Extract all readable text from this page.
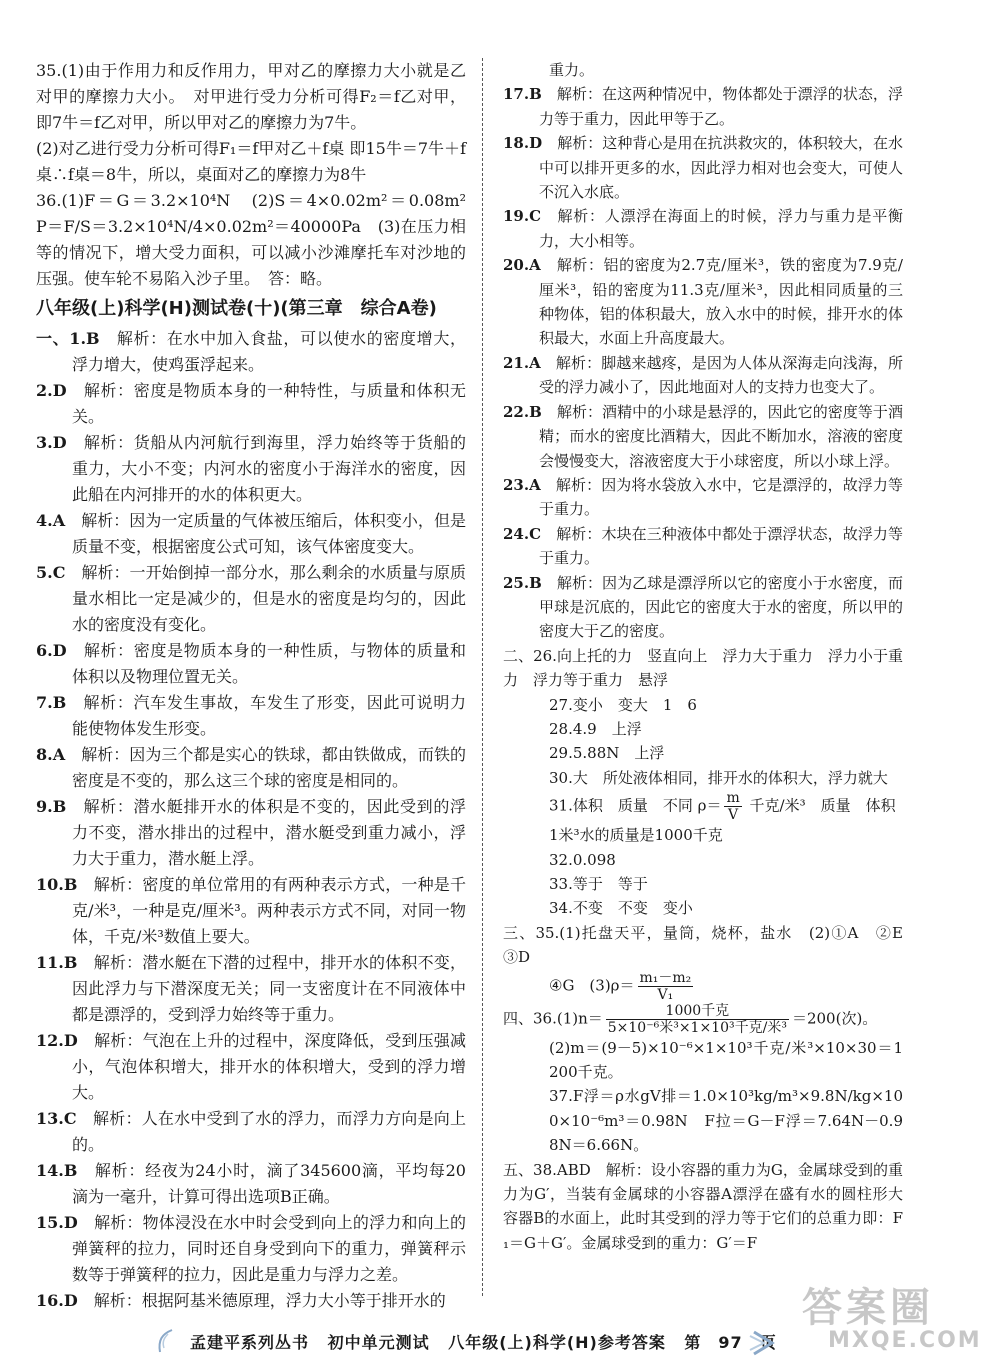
35.(1)由于作用力和反作用力，甲对乙的摩擦力大小就是乙对甲的摩擦力大小。　对甲进行受力分析可得F₂＝f乙对甲，即7牛＝f乙对甲，所以甲对乙的摩擦力为7牛。

(2)对乙进行受力分析可得F₁＝f甲对乙＋f桌 即15牛＝7牛＋f桌∴f桌＝8牛，所以，桌面对乙的摩擦力为8牛

36.(1)F＝G＝3.2×10⁴N　(2)S＝4×0.02m²＝0.08m²　P＝F/S＝3.2×10⁴N/4×0.02m²＝40000Pa　(3)在压力相等的情况下，增大受力面积，可以减小沙滩摩托车对沙地的压强。使车轮不易陷入沙子里。　答：略。

八年级(上)科学(H)测试卷(十)(第三章　综合A卷)

一、1.B　 解析：在水中加入食盐，可以使水的密度增大，浮力增大，使鸡蛋浮起来。

2.D　 解析：密度是物质本身的一种特性，与质量和体积无关。

3.D　 解析：货船从内河航行到海里，浮力始终等于货船的重力，大小不变；内河水的密度小于海洋水的密度，因此船在内河排开的水的体积更大。

4.A　 解析：因为一定质量的气体被压缩后，体积变小，但是质量不变，根据密度公式可知，该气体密度变大。

5.C　 解析：一开始倒掉一部分水，那么剩余的水质量与原质量水相比一定是减少的，但是水的密度是均匀的，因此水的密度没有变化。

6.D　 解析：密度是物质本身的一种性质，与物体的质量和体积以及物理位置无关。

7.B　 解析：汽车发生事故，车发生了形变，因此可说明力能使物体发生形变。

8.A　 解析：因为三个都是实心的铁球，都由铁做成，而铁的密度是不变的，那么这三个球的密度是相同的。

9.B　 解析：潜水艇排开水的体积是不变的，因此受到的浮力不变，潜水排出的过程中，潜水艇受到重力减小，浮力大于重力，潜水艇上浮。

10.B　 解析：密度的单位常用的有两种表示方式，一种是千克/米³，一种是克/厘米³。两种表示方式不同，对同一物体，千克/米³数值上要大。

11.B　 解析：潜水艇在下潜的过程中，排开水的体积不变，因此浮力与下潜深度无关；同一支密度计在不同液体中都是漂浮的，受到浮力始终等于重力。

12.D　 解析：气泡在上升的过程中，深度降低，受到压强减小，气泡体积增大，排开水的体积增大，受到的浮力增大。

13.C　 解析：人在水中受到了水的浮力，而浮力方向是向上的。

14.B　 解析：经夜为24小时，滴了345600滴，平均每20滴为一毫升，计算可得出选项B正确。

15.D　 解析：物体浸没在水中时会受到向上的浮力和向上的弹簧秤的拉力，同时还自身受到向下的重力，弹簧秤示数等于弹簧秤的拉力，因此是重力与浮力之差。

16.D　 解析：根据阿基米德原理，浮力大小等于排开水的

重力。

17.B　 解析：在这两种情况中，物体都处于漂浮的状态，浮力等于重力，因此甲等于乙。

18.D　 解析：这种背心是用在抗洪救灾的，体积较大，在水中可以排开更多的水，因此浮力相对也会变大，可使人不沉入水底。

19.C　 解析：人漂浮在海面上的时候，浮力与重力是平衡力，大小相等。

20.A　 解析：铝的密度为2.7克/厘米³，铁的密度为7.9克/厘米³，铅的密度为11.3克/厘米³，因此相同质量的三种物体，铝的体积最大，放入水中的时候，排开水的体积最大，水面上升高度最大。

21.A　 解析：脚越来越疼，是因为人体从深海走向浅海，所受的浮力减小了，因此地面对人的支持力也变大了。

22.B　 解析：酒精中的小球是悬浮的，因此它的密度等于酒精；而水的密度比酒精大，因此不断加水，溶液的密度会慢慢变大，溶液密度大于小球密度，所以小球上浮。

23.A　 解析：因为将水袋放入水中，它是漂浮的，故浮力等于重力。

24.C　 解析：木块在三种液体中都处于漂浮状态，故浮力等于重力。

25.B　 解析：因为乙球是漂浮所以它的密度小于水密度，而甲球是沉底的，因此它的密度大于水的密度，所以甲的密度大于乙的密度。

二、26.向上托的力　竖直向上　浮力大于重力　浮力小于重力　浮力等于重力　悬浮

27.变小　变大　1　6

28.4.9　上浮

29.5.88N　上浮

30.大　所处液体相同，排开水的体积大，浮力就大

31.体积　质量　不同 $\rho= \frac{m}{V}$ 千克/米³　质量　体积

1米³水的质量是1000千克

32.0.098

33.等于　等于

34.不变　不变　变小

三、35.(1)托盘天平，量筒，烧杯，盐水　(2)①A　②E　③D

④G　$(3)\rho= \frac{\text{m₁－m₂}}{\text{V₁}}$

四、$36.(1)n= \frac{\text{1000千克}}{\text{5×10⁻⁶米³×1×10³千克/米³}} =200$(次)。

(2)m＝(9－5)×10⁻⁶×1×10³千克/米³×10×30＝1200千克。

37.F浮＝ρ水gV排＝1.0×10³kg/m³×9.8N/kg×100×10⁻⁶m³＝0.98N　F拉＝G－F浮＝7.64N－0.98N＝6.66N。

五、38.ABD　解析：设小容器的重力为G，金属球受到的重力为G′，当装有金属球的小容器A漂浮在盛有水的圆柱形大容器B的水面上，此时其受到的浮力等于它们的总重力即：F₁＝G＋G′。金属球受到的重力：G′＝F

孟建平系列丛书 初中单元测试 八年级(上)科学(H)参考答案 第　97　页
答案圈
MXQE.COM
